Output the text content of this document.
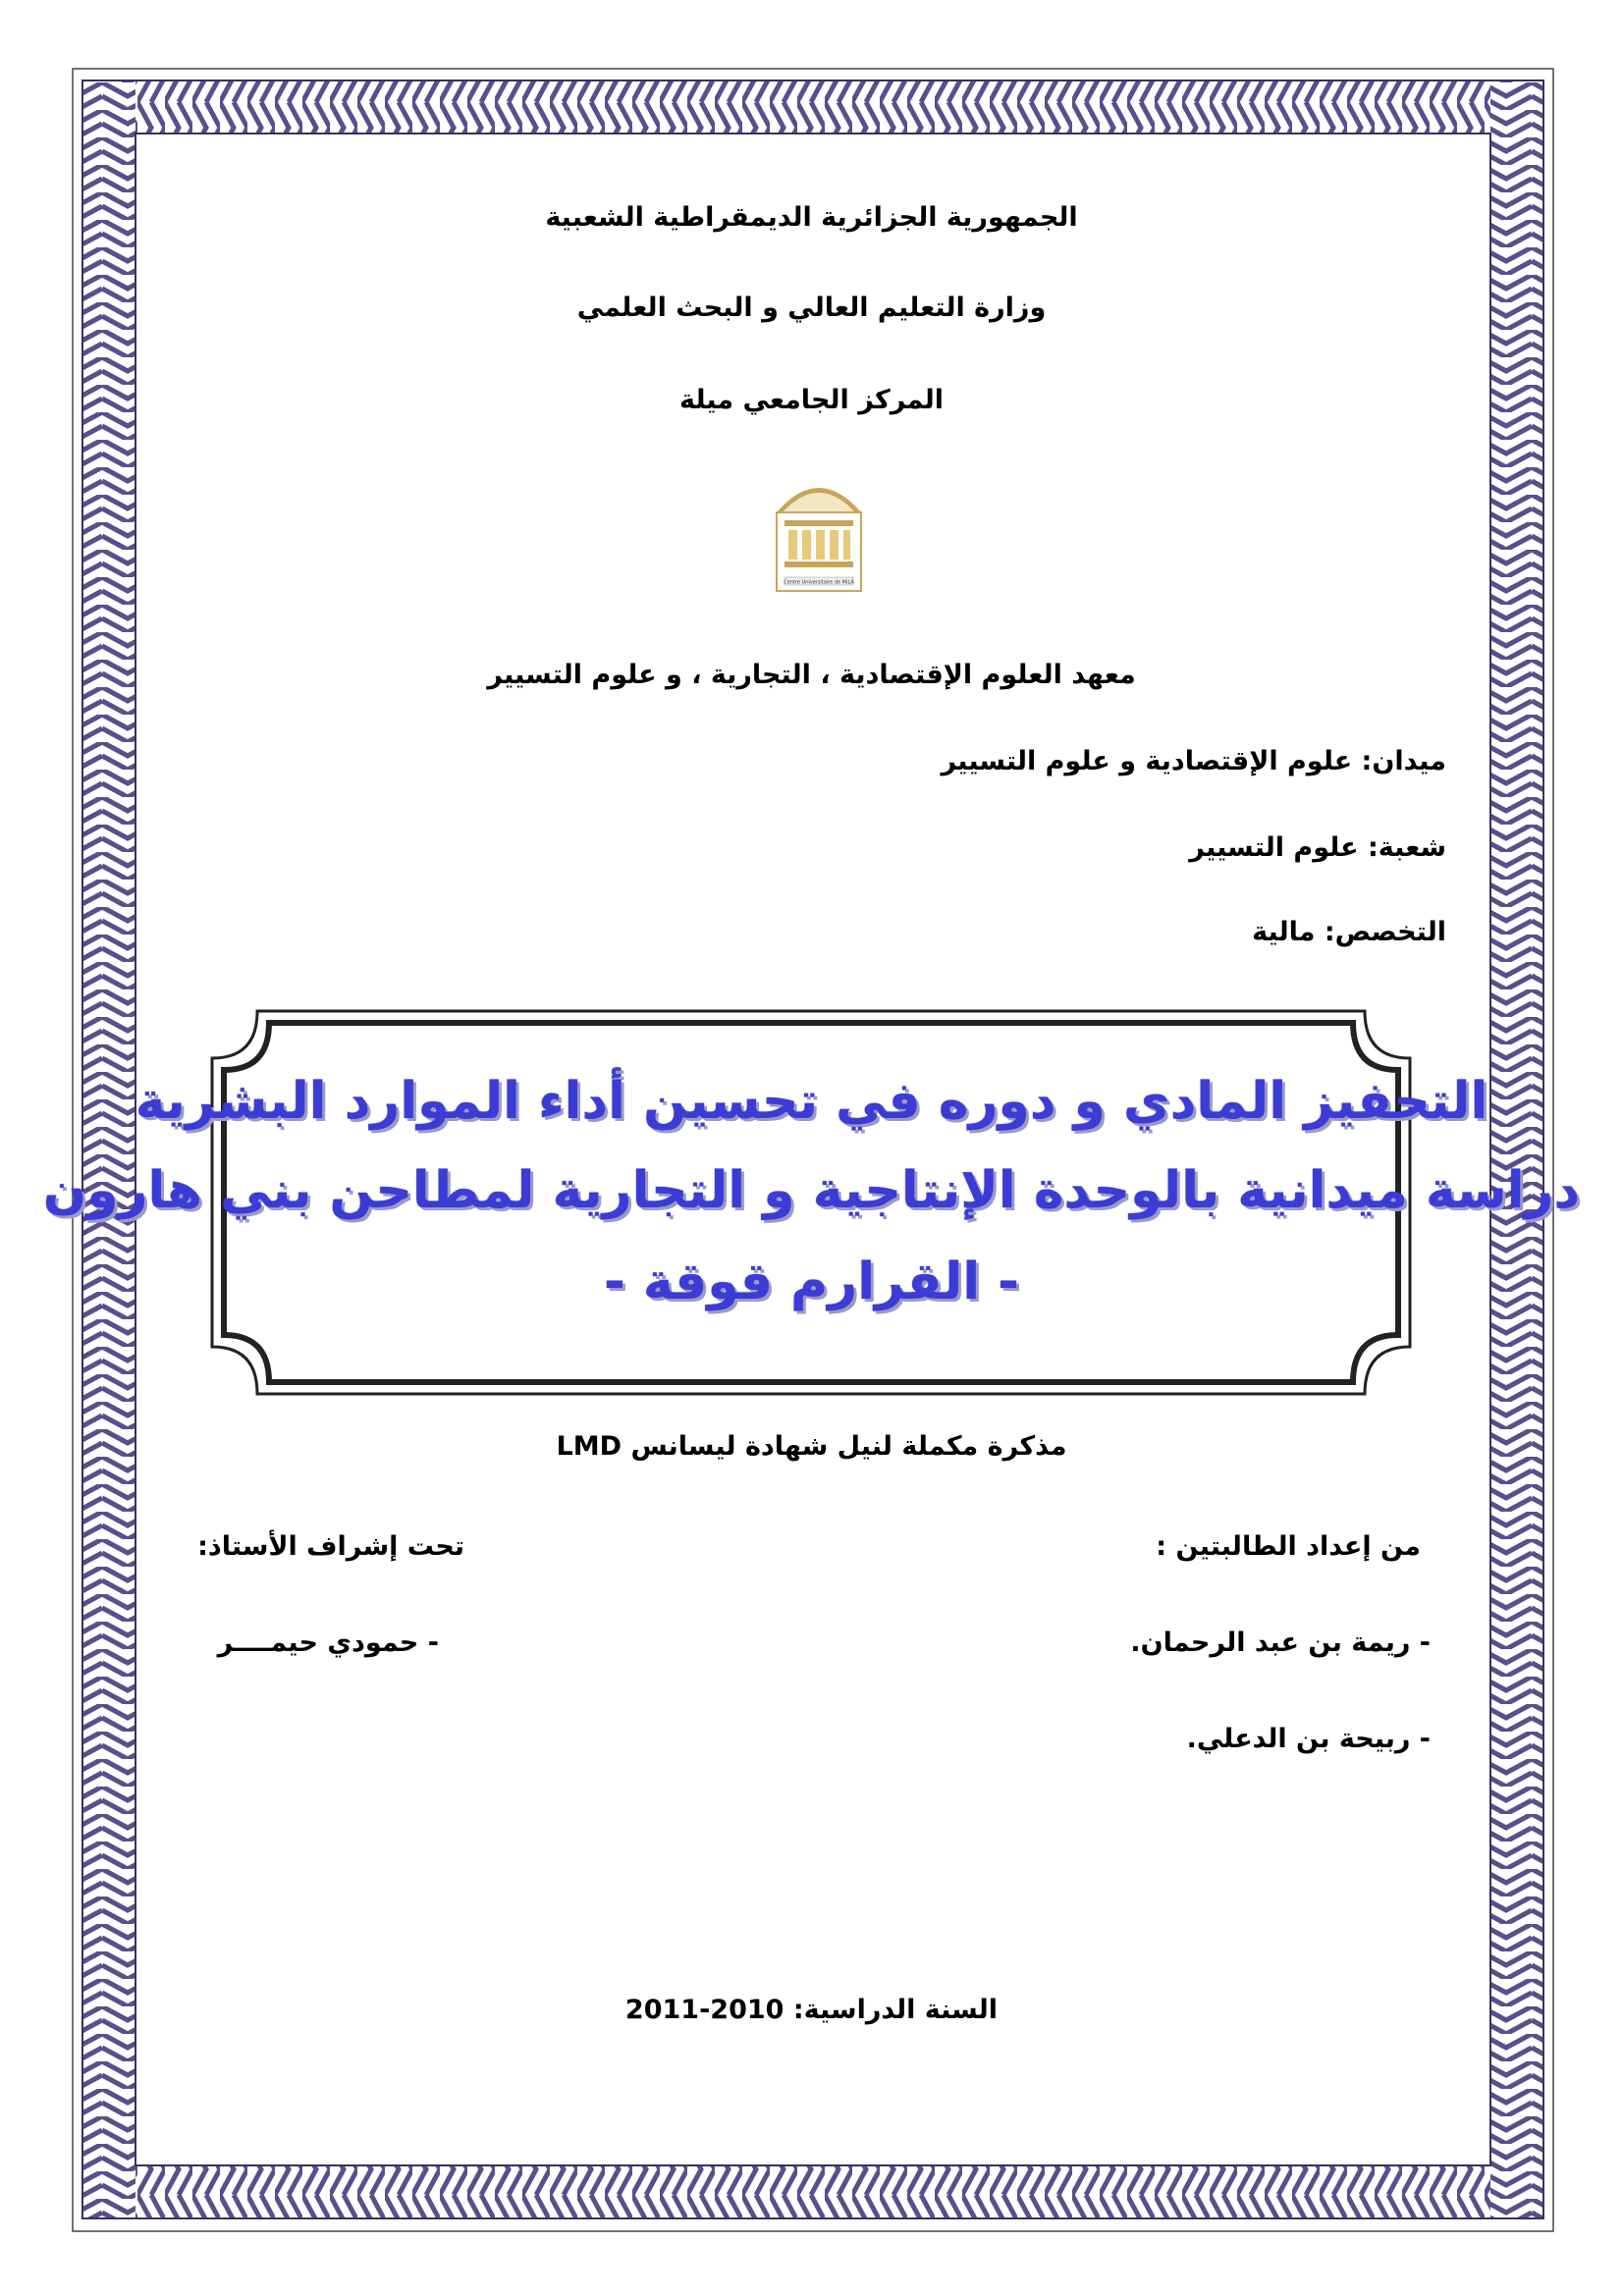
الجمهورية الجزائرية الديمقراطية الشعبية
وزارة التعليم العالي و البحث العلمي
المركز الجامعي ميلة
Centre Universitaire de MILA
معهد العلوم الإقتصادية ، التجارية ، و علوم التسيير
ميدان: علوم الإقتصادية و علوم التسيير
شعبة: علوم التسيير
التخصص: مالية
التحفيز المادي و دوره في تحسين أداء الموارد البشرية
دراسة ميدانية بالوحدة الإنتاجية و التجارية لمطاحن بني هارون
- القرارم قوقة -
مذكرة مكملة لنيل شهادة ليسانس LMD
من إعداد الطالبتين :
تحت إشراف الأستاذ:
- ريمة بن عبد الرحمان.
- حمودي حيمــــر
- ربيحة بن الدعلي.
السنة الدراسية: 2010-2011
